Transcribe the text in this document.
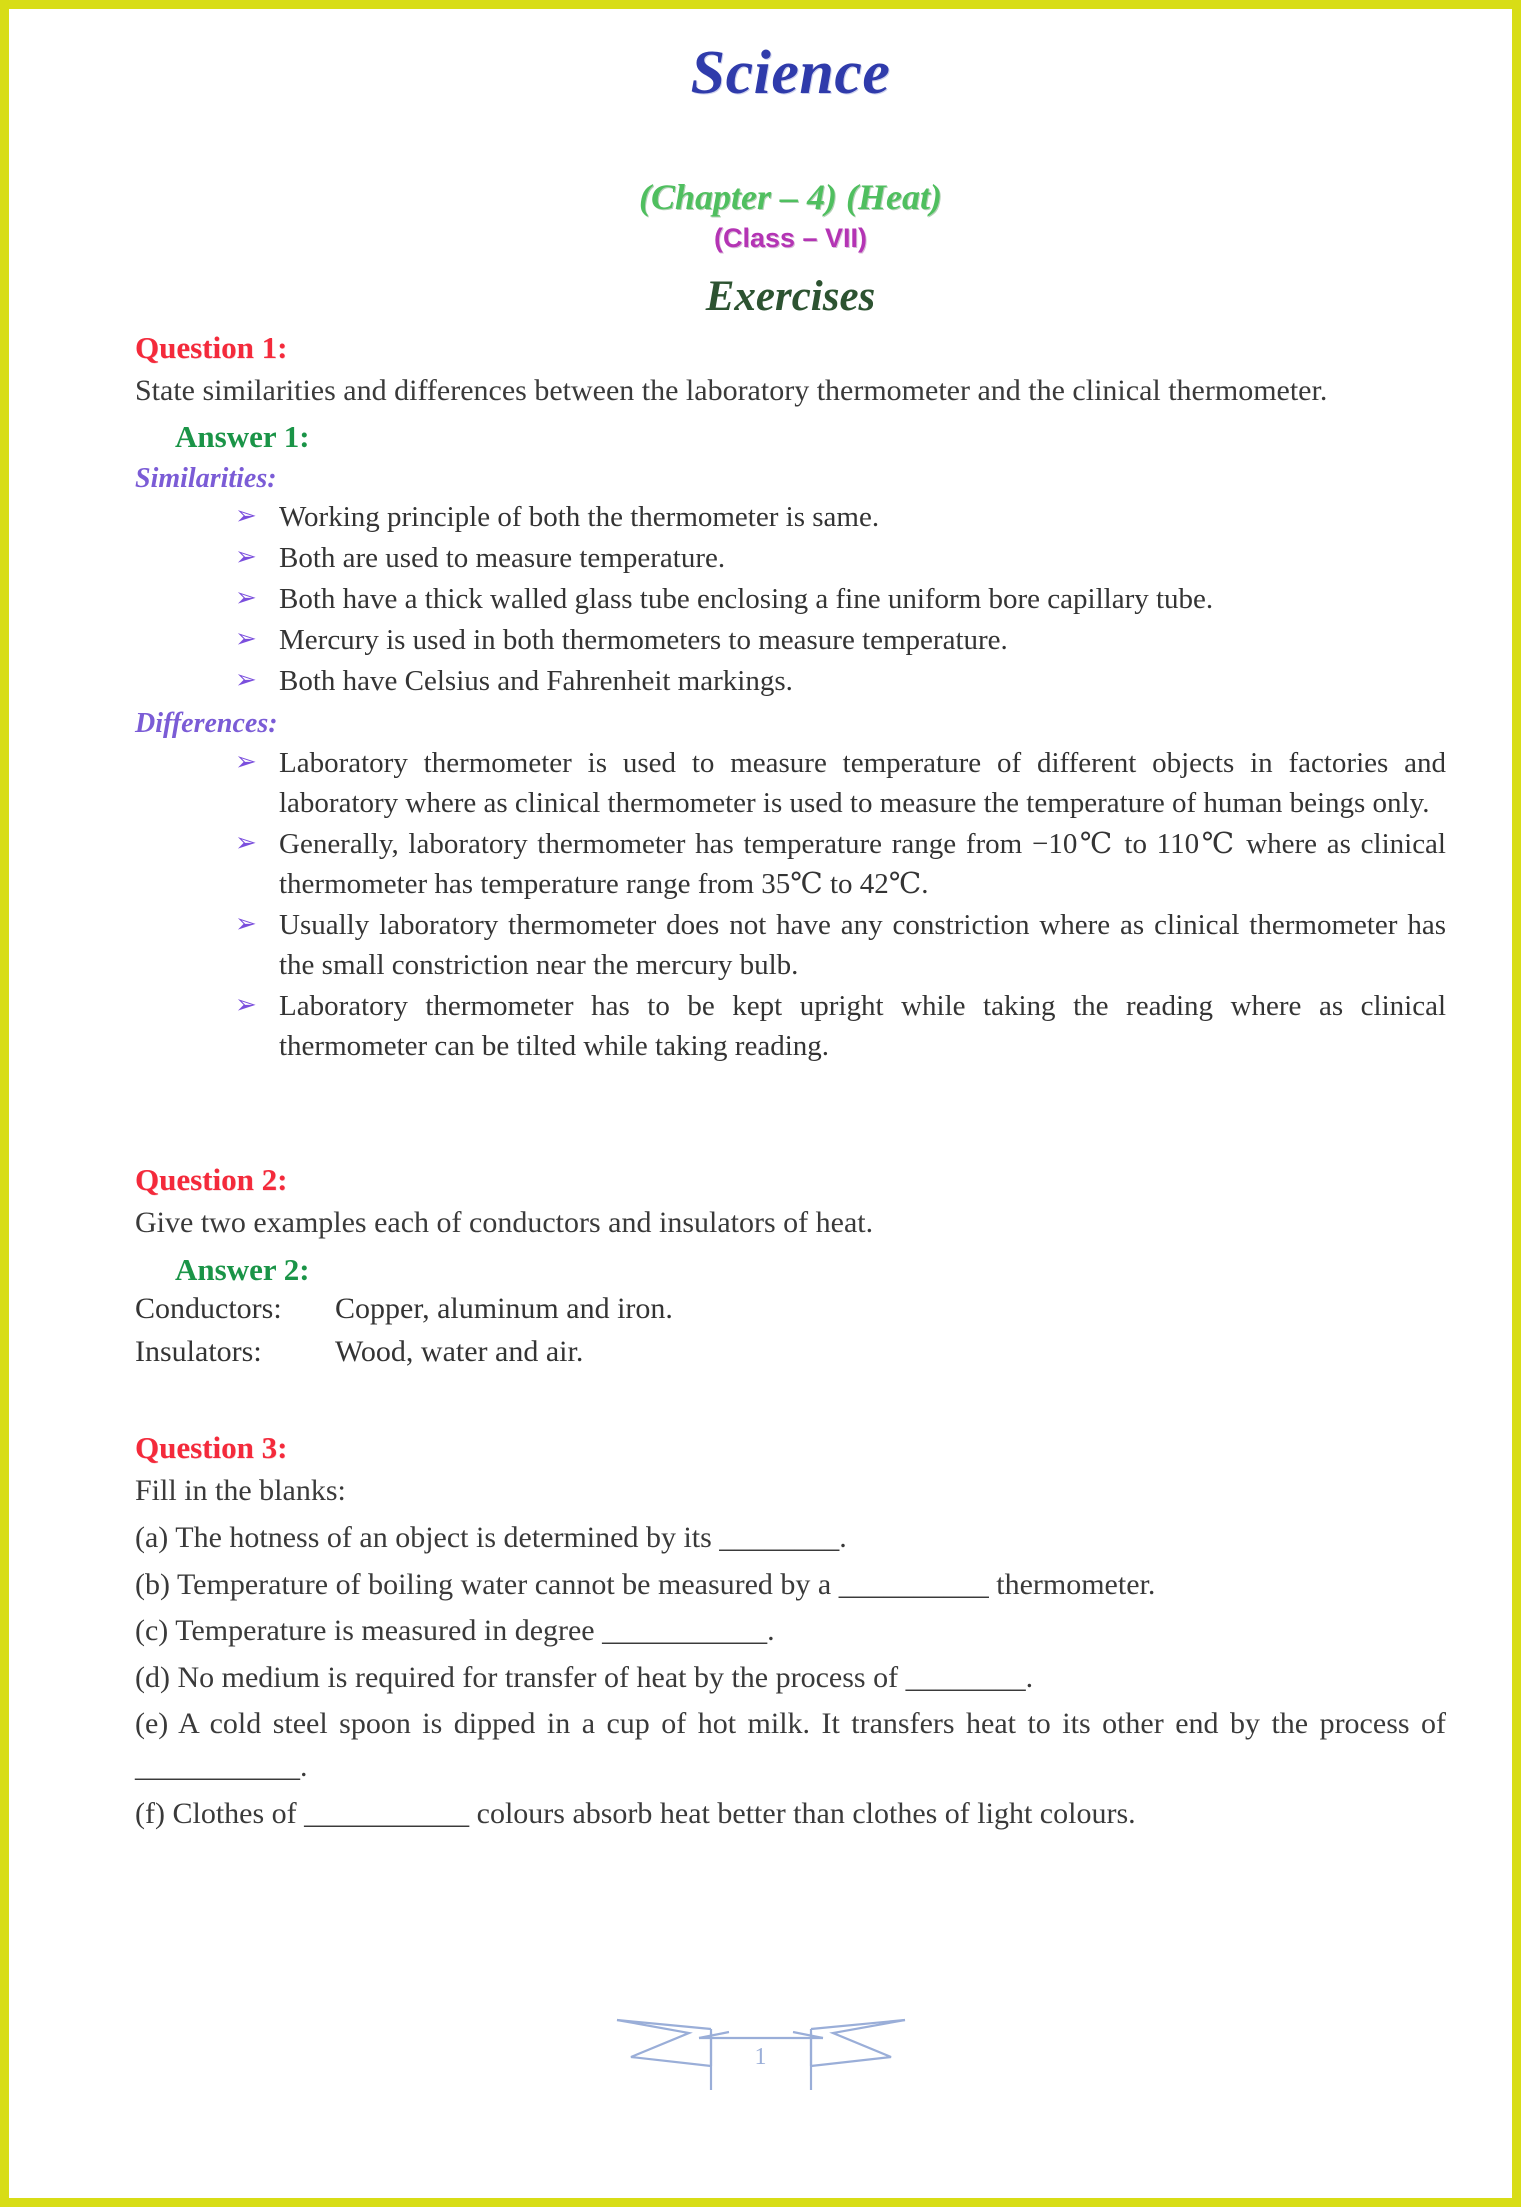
Science
(Chapter – 4) (Heat)
(Class – VII)
Exercises
Question 1:

State similarities and differences between the laboratory thermometer and the clinical thermometer.

Answer 1:
Similarities:
➢ Working principle of both the thermometer is same.
➢ Both are used to measure temperature.
➢ Both have a thick walled glass tube enclosing a fine uniform bore capillary tube.
➢ Mercury is used in both thermometers to measure temperature.
➢ Both have Celsius and Fahrenheit markings.
Differences:
➢ Laboratory thermometer is used to measure temperature of different objects in factories and laboratory where as clinical thermometer is used to measure the temperature of human beings only.
➢ Generally, laboratory thermometer has temperature range from −10℃ to 110℃ where as clinical thermometer has temperature range from 35℃ to 42℃.
➢ Usually laboratory thermometer does not have any constriction where as clinical thermometer has the small constriction near the mercury bulb.
➢ Laboratory thermometer has to be kept upright while taking the reading where as clinical thermometer can be tilted while taking reading.
Question 2:

Give two examples each of conductors and insulators of heat.

Answer 2:
Conductors:	Copper, aluminum and iron.
Insulators:	Wood, water and air.
Question 3:

Fill in the blanks:

(a) The hotness of an object is determined by its ________.

(b) Temperature of boiling water cannot be measured by a __________ thermometer.

(c) Temperature is measured in degree ___________.

(d) No medium is required for transfer of heat by the process of ________.

(e) A cold steel spoon is dipped in a cup of hot milk. It transfers heat to its other end by the process of ___________.

(f) Clothes of ___________ colours absorb heat better than clothes of light colours.

1
